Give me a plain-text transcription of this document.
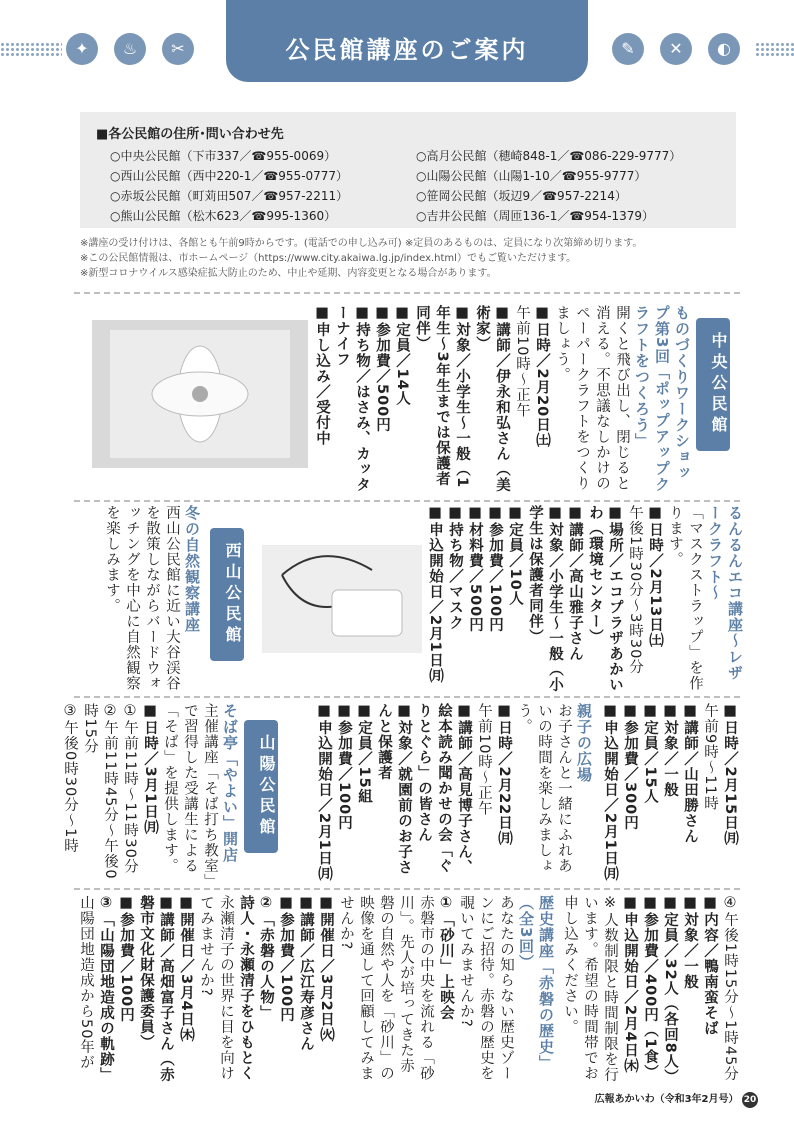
✦	♨	✂	公民館講座のご案内	✎	✕	◐
■各公民館の住所･問い合わせ先
○中央公民館（下市337／☎955-0069）
○西山公民館（西中220-1／☎955-0777）
○赤坂公民館（町苅田507／☎957-2211）
○熊山公民館（松木623／☎995-1360）
○高月公民館（穂崎848-1／☎086-229-9777）
○山陽公民館（山陽1-10／☎955-9777）
○笹岡公民館（坂辺9／☎957-2214）
○吉井公民館（周匝136-1／☎954-1379）
※講座の受け付けは、各館とも午前9時からです。(電話での申し込み可) ※定員のあるものは、定員になり次第締め切ります。
※この公民館情報は、市ホームページ（https://www.city.akaiwa.lg.jp/index.html）でもご覧いただけます。
※新型コロナウイルス感染症拡大防止のため、中止や延期、内容変更となる場合があります。
中央公民館
西山公民館
山陽公民館
ものづくりワークショップ第3回「ポップアップクラフトをつくろう」
開くと飛び出し、閉じると消える。不思議なしかけのペーパークラフトをつくりましょう。
■日時／2月20日㈯
午前10時～正午
■講師／伊永和弘さん（美術家）
■対象／小学生～一般（1年生～3年生までは保護者同伴）
■定員／14人
■参加費／500円
■持ち物／はさみ、カッターナイフ
■申し込み／受付中
るんるんエコ講座～レザークラフト～
「マスクストラップ」を作ります。
■日時／2月13日㈯
午後1時30分～3時30分
■場所／エコプラザあかいわ（環境センター）
■講師／高山雅子さん
■対象／小学生～一般（小学生は保護者同伴）
■定員／10人
■参加費／100円
■材料費／500円
■持ち物／マスク
■申込開始日／2月1日㈪
冬の自然観察講座
西山公民館に近い大谷渓谷を散策しながらバードウォッチングを中心に自然観察を楽しみます。
■日時／2月15日㈪
午前9時～11時
■講師／山田勝さん
■対象／一般
■定員／15人
■参加費／300円
■申込開始日／2月1日㈪
親子の広場
お子さんと一緒にふれあいの時間を楽しみましょう。
■日時／2月22日㈪
午前10時～正午
■講師／高見博子さん、絵本読み聞かせの会「ぐりとぐら」の皆さん
■対象／就園前のお子さんと保護者
■定員／15組
■参加費／100円
■申込開始日／2月1日㈪
そば亭「やよい」開店
主催講座「そば打ち教室」で習得した受講生による「そば」を提供します。
■日時／3月1日㈪
①午前11時～11時30分
②午前11時45分～午後0時15分
③午後0時30分～1時
④午後1時15分～1時45分
■内容／鴨南蛮そば
■対象／一般
■定員／32人（各回8人）
■参加費／400円（1食）
■申込開始日／2月4日㈭
※人数制限と時間制限を行います。希望の時間帯でお申し込みください。
歴史講座「赤磐の歴史」（全3回）
あなたの知らない歴史ゾーンにご招待。赤磐の歴史を覗いてみませんか?
①「砂川」上映会
赤磐市の中央を流れる「砂川」。先人が培ってきた赤磐の自然や人を「砂川」の映像を通して回顧してみませんか?
■開催日／3月2日㈫
■講師／広江寿彦さん
■参加費／100円
②「赤磐の人物」
詩人・永瀬清子をひもとく
永瀬清子の世界に目を向けてみませんか?
■開催日／3月4日㈭
■講師／高畑富子さん（赤磐市文化財保護委員）
■参加費／100円
③「山陽団地造成の軌跡」
山陽団地造成から50年が
広報あかいわ（令和3年2月号） 20
